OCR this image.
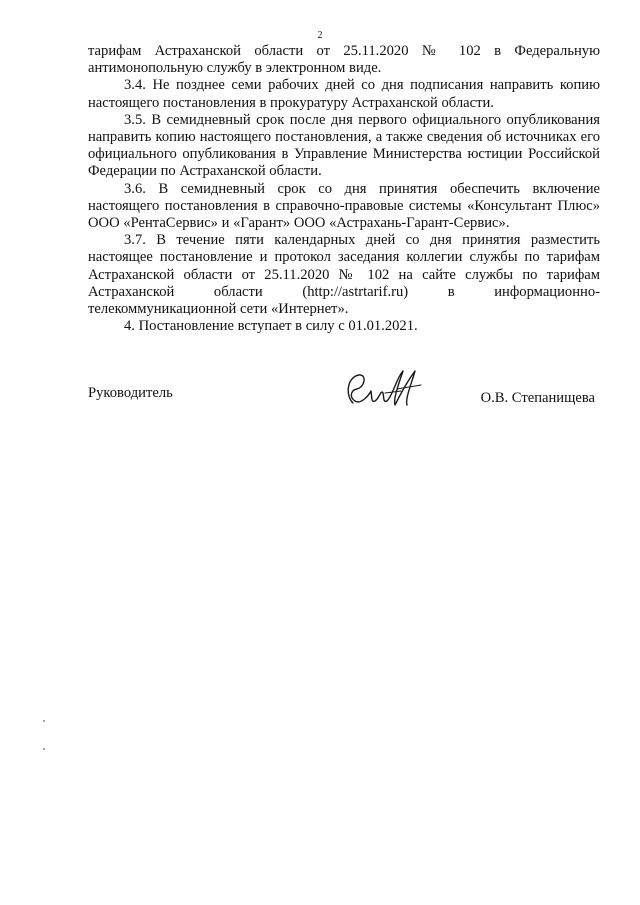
2

тарифам Астраханской области от 25.11.2020 № 102 в Федеральную антимонопольную службу в электронном виде.

3.4. Не позднее семи рабочих дней со дня подписания направить копию настоящего постановления в прокуратуру Астраханской области.

3.5. В семидневный срок после дня первого официального опубликования направить копию настоящего постановления, а также сведения об источниках его официального опубликования в Управление Министерства юстиции Российской Федерации по Астраханской области.

3.6. В семидневный срок со дня принятия обеспечить включение настоящего постановления в справочно-правовые системы «Консультант Плюс» ООО «РентаСервис» и «Гарант» ООО «Астрахань-Гарант-Сервис».

3.7. В течение пяти календарных дней со дня принятия разместить настоящее постановление и протокол заседания коллегии службы по тарифам Астраханской области от 25.11.2020 № 102 на сайте службы по тарифам Астраханской области (http://astrtarif.ru) в информационно-телекоммуникационной сети «Интернет».

4. Постановление вступает в силу с 01.01.2021.

Руководитель	О.В. Степанищева
